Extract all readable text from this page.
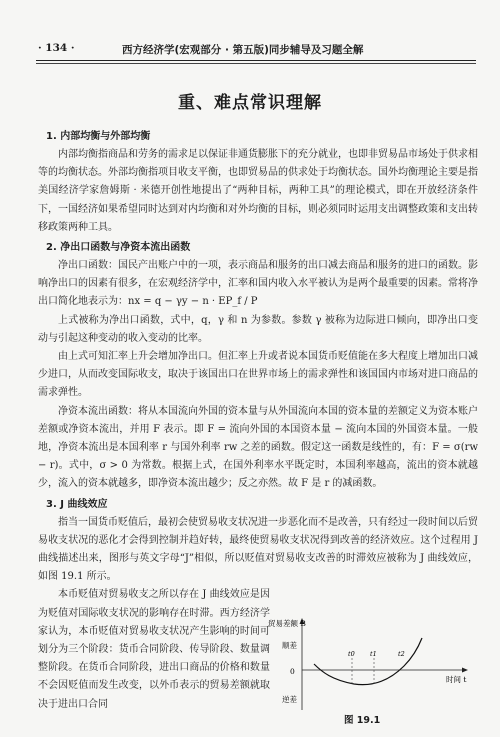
· 134 ·	西方经济学(宏观部分 · 第五版)同步辅导及习题全解
重、难点常识理解
1. 内部均衡与外部均衡

内部均衡指商品和劳务的需求足以保证非通货膨胀下的充分就业，也即非贸易品市场处于供求相等的均衡状态。外部均衡指项目收支平衡，也即贸易品的供求处于均衡状态。国外均衡理论主要是指美国经济学家詹姆斯 · 米德开创性地提出了“两种目标，两种工具”的理论模式，即在开放经济条件下，一国经济如果希望同时达到对内均衡和对外均衡的目标，则必须同时运用支出调整政策和支出转移政策两种工具。

2. 净出口函数与净资本流出函数

净出口函数：国民产出账户中的一项，表示商品和服务的出口减去商品和服务的进口的函数。影响净出口的因素有很多，在宏观经济学中，汇率和国内收入水平被认为是两个最重要的因素。常将净出口简化地表示为：nx = q − γy − n · EP_f / P

上式被称为净出口函数，式中，q，γ 和 n 为参数。参数 γ 被称为边际进口倾向，即净出口变动与引起这种变动的收入变动的比率。

由上式可知汇率上升会增加净出口。但汇率上升或者说本国货币贬值能在多大程度上增加出口减少进口，从而改变国际收支，取决于该国出口在世界市场上的需求弹性和该国国内市场对进口商品的需求弹性。

净资本流出函数：将从本国流向外国的资本量与从外国流向本国的资本量的差额定义为资本账户差额或净资本流出，并用 F 表示。即 F = 流向外国的本国资本量 − 流向本国的外国资本量。一般地，净资本流出是本国利率 r 与国外利率 rw 之差的函数。假定这一函数是线性的，有：F = σ(rw − r)。式中，σ > 0 为常数。根据上式，在国外利率水平既定时，本国利率越高，流出的资本就越少，流入的资本就越多，即净资本流出越少；反之亦然。故 F 是 r 的减函数。

3. J 曲线效应

指当一国货币贬值后，最初会使贸易收支状况进一步恶化而不是改善，只有经过一段时间以后贸易收支状况的恶化才会得到控制并趋好转，最终使贸易收支状况得到改善的经济效应。这个过程用 J 曲线描述出来，图形与英文字母“J”相似，所以贬值对贸易收支改善的时滞效应被称为 J 曲线效应，如图 19.1 所示。

本币贬值对贸易收支之所以存在 J 曲线效应是因为贬值对国际收支状况的影响存在时滞。西方经济学家认为，本币贬值对贸易收支状况产生影响的时间可划分为三个阶段：货币合同阶段、传导阶段、数量调整阶段。在货币合同阶段，进出口商品的价格和数量不会因贬值而发生改变，以外币表示的贸易差额就取决于进出口合同

贸易差额 B
顺差
0
逆差
时间 t
t0 t1	t2
图 19.1
